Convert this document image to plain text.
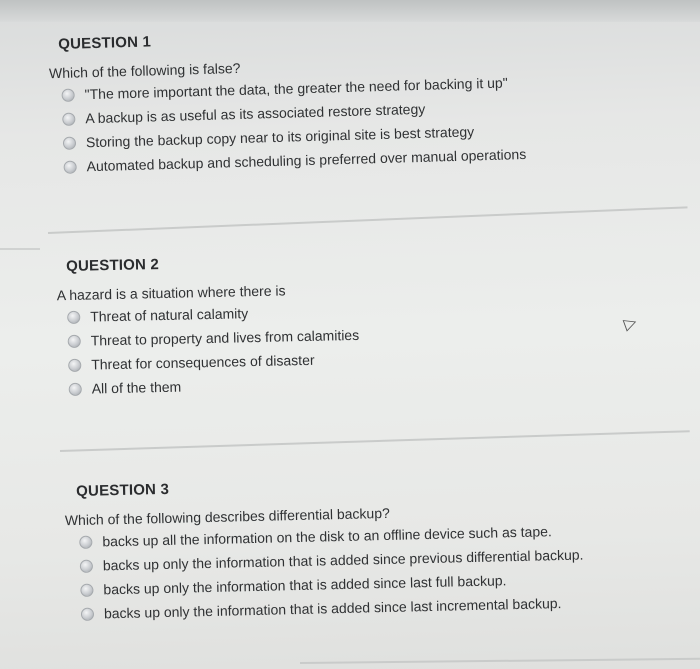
QUESTION 1
Which of the following is false?
"The more important the data, the greater the need for backing it up"
A backup is as useful as its associated restore strategy
Storing the backup copy near to its original site is best strategy
Automated backup and scheduling is preferred over manual operations
QUESTION 2
A hazard is a situation where there is
Threat of natural calamity
Threat to property and lives from calamities
Threat for consequences of disaster
All of the them
▷
QUESTION 3
Which of the following describes differential backup?
backs up all the information on the disk to an offline device such as tape.
backs up only the information that is added since previous differential backup.
backs up only the information that is added since last full backup.
backs up only the information that is added since last incremental backup.
